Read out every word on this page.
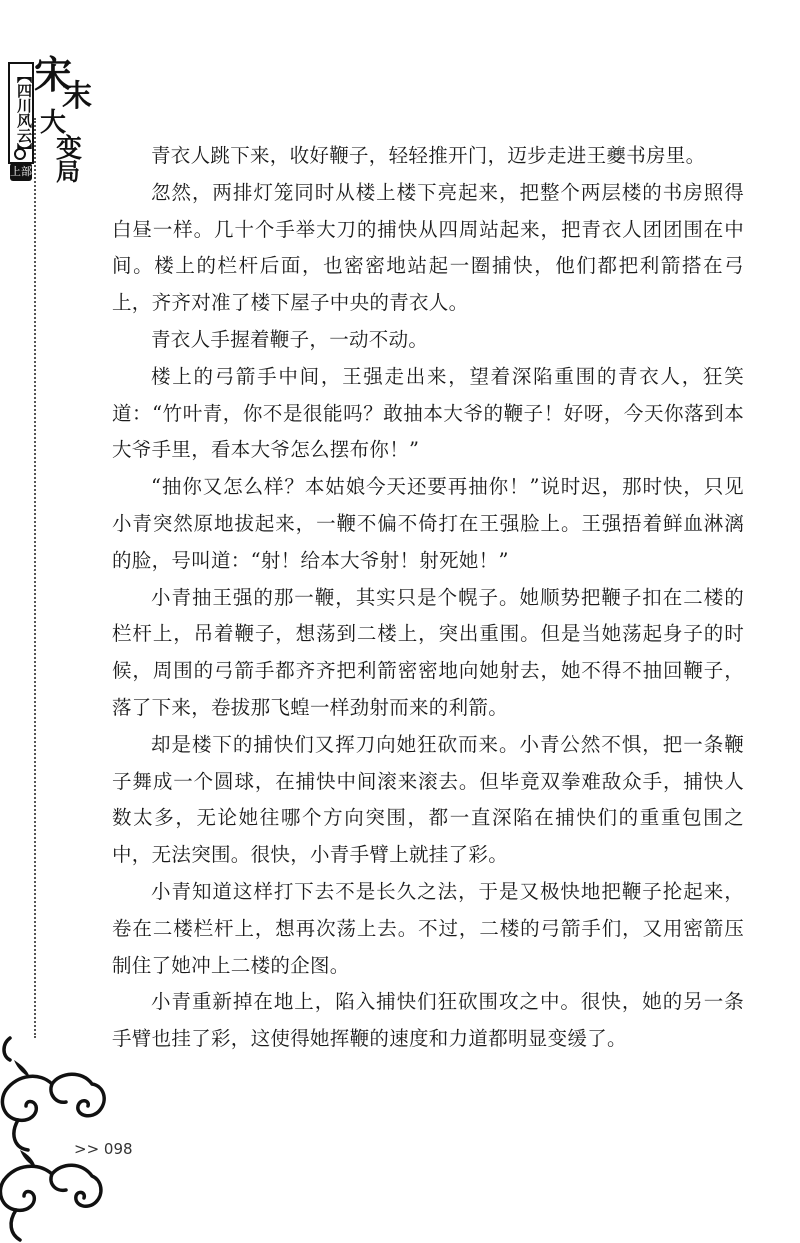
【四川风云】
上部
宋
末
大
变
局

青衣人跳下来，收好鞭子，轻轻推开门，迈步走进王夔书房里。

忽然，两排灯笼同时从楼上楼下亮起来，把整个两层楼的书房照得白昼一样。几十个手举大刀的捕快从四周站起来，把青衣人团团围在中间。楼上的栏杆后面，也密密地站起一圈捕快，他们都把利箭搭在弓上，齐齐对准了楼下屋子中央的青衣人。

青衣人手握着鞭子，一动不动。

楼上的弓箭手中间，王强走出来，望着深陷重围的青衣人，狂笑道：“竹叶青，你不是很能吗？敢抽本大爷的鞭子！好呀，今天你落到本大爷手里，看本大爷怎么摆布你！”

“抽你又怎么样？本姑娘今天还要再抽你！”说时迟，那时快，只见小青突然原地拔起来，一鞭不偏不倚打在王强脸上。王强捂着鲜血淋漓的脸，号叫道：“射！给本大爷射！射死她！”

小青抽王强的那一鞭，其实只是个幌子。她顺势把鞭子扣在二楼的栏杆上，吊着鞭子，想荡到二楼上，突出重围。但是当她荡起身子的时候，周围的弓箭手都齐齐把利箭密密地向她射去，她不得不抽回鞭子，落了下来，卷拔那飞蝗一样劲射而来的利箭。

却是楼下的捕快们又挥刀向她狂砍而来。小青公然不惧，把一条鞭子舞成一个圆球，在捕快中间滚来滚去。但毕竟双拳难敌众手，捕快人数太多，无论她往哪个方向突围，都一直深陷在捕快们的重重包围之中，无法突围。很快，小青手臂上就挂了彩。

小青知道这样打下去不是长久之法，于是又极快地把鞭子抡起来，卷在二楼栏杆上，想再次荡上去。不过，二楼的弓箭手们，又用密箭压制住了她冲上二楼的企图。

小青重新掉在地上，陷入捕快们狂砍围攻之中。很快，她的另一条手臂也挂了彩，这使得她挥鞭的速度和力道都明显变缓了。

>> 098
